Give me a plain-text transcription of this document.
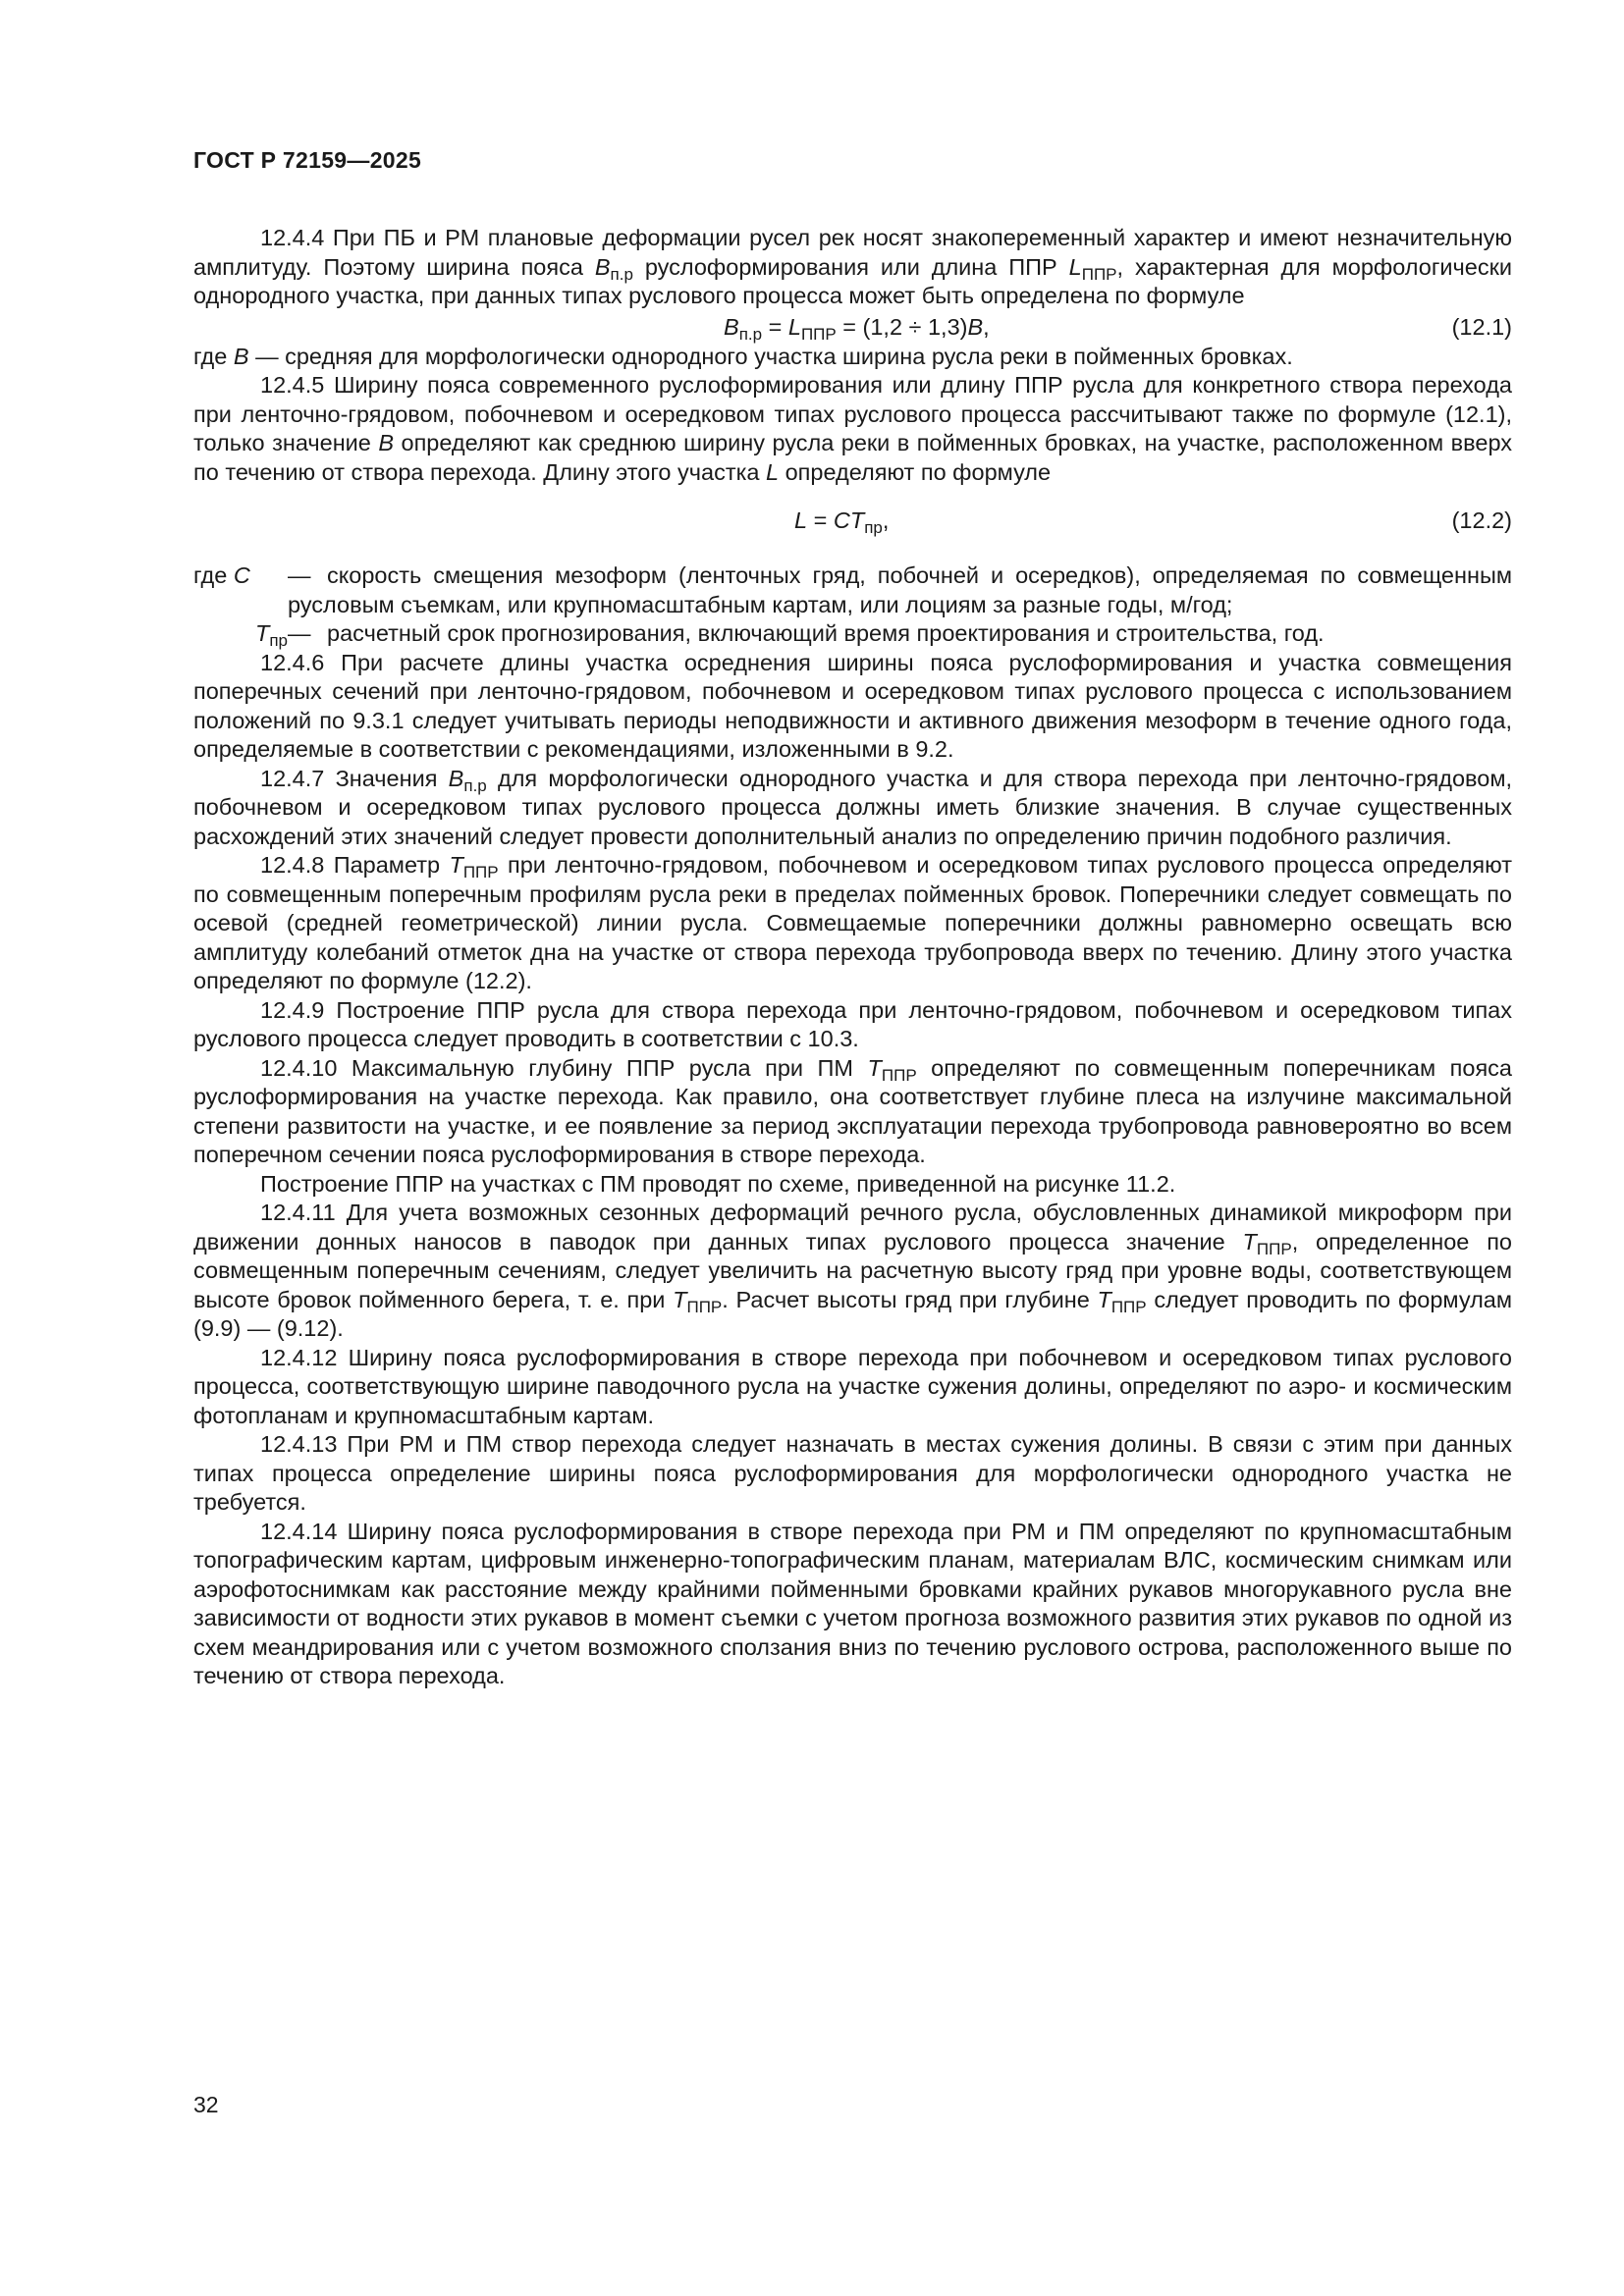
ГОСТ Р 72159—2025

12.4.4 При ПБ и РМ плановые деформации русел рек носят знакопеременный характер и имеют незначительную амплитуду. Поэтому ширина пояса $B_{п.р}$ руслоформирования или длина ППР $L_{ППР}$, характерная для морфологически однородного участка, при данных типах руслового процесса может быть определена по формуле

$B_{п.р} = L_{ППР} = (1,2 \div 1,3)B$,	(12.1)

где B — средняя для морфологически однородного участка ширина русла реки в пойменных бровках.

12.4.5 Ширину пояса современного руслоформирования или длину ППР русла для конкретного створа перехода при ленточно-грядовом, побочневом и осередковом типах руслового процесса рассчитывают также по формуле (12.1), только значение B определяют как среднюю ширину русла реки в пойменных бровках, на участке, расположенном вверх по течению от створа перехода. Длину этого участка L определяют по формуле

$L = CT_{пр}$,	(12.2)
где C	— скорость смещения мезоформ (ленточных гряд, побочней и осередков), определяемая по совмещенным русловым съемкам, или крупномасштабным картам, или лоциям за разные годы, м/год;
$T_{пр}$ — расчетный срок прогнозирования, включающий время проектирования и строительства, год.

12.4.6 При расчете длины участка осреднения ширины пояса руслоформирования и участка совмещения поперечных сечений при ленточно-грядовом, побочневом и осередковом типах руслового процесса с использованием положений по 9.3.1 следует учитывать периоды неподвижности и активного движения мезоформ в течение одного года, определяемые в соответствии с рекомендациями, изложенными в 9.2.

12.4.7 Значения $B_{п.р}$ для морфологически однородного участка и для створа перехода при ленточно-грядовом, побочневом и осередковом типах руслового процесса должны иметь близкие значения. В случае существенных расхождений этих значений следует провести дополнительный анализ по определению причин подобного различия.

12.4.8 Параметр $T_{ППР}$ при ленточно-грядовом, побочневом и осередковом типах руслового процесса определяют по совмещенным поперечным профилям русла реки в пределах пойменных бровок. Поперечники следует совмещать по осевой (средней геометрической) линии русла. Совмещаемые поперечники должны равномерно освещать всю амплитуду колебаний отметок дна на участке от створа перехода трубопровода вверх по течению. Длину этого участка определяют по формуле (12.2).

12.4.9 Построение ППР русла для створа перехода при ленточно-грядовом, побочневом и осередковом типах руслового процесса следует проводить в соответствии с 10.3.

12.4.10 Максимальную глубину ППР русла при ПМ $T_{ППР}$ определяют по совмещенным поперечникам пояса руслоформирования на участке перехода. Как правило, она соответствует глубине плеса на излучине максимальной степени развитости на участке, и ее появление за период эксплуатации перехода трубопровода равновероятно во всем поперечном сечении пояса руслоформирования в створе перехода.

Построение ППР на участках с ПМ проводят по схеме, приведенной на рисунке 11.2.

12.4.11 Для учета возможных сезонных деформаций речного русла, обусловленных динамикой микроформ при движении донных наносов в паводок при данных типах руслового процесса значение $T_{ППР}$, определенное по совмещенным поперечным сечениям, следует увеличить на расчетную высоту гряд при уровне воды, соответствующем высоте бровок пойменного берега, т. е. при $T_{ППР}$. Расчет высоты гряд при глубине $T_{ППР}$ следует проводить по формулам (9.9) — (9.12).

12.4.12 Ширину пояса руслоформирования в створе перехода при побочневом и осередковом типах руслового процесса, соответствующую ширине паводочного русла на участке сужения долины, определяют по аэро- и космическим фотопланам и крупномасштабным картам.

12.4.13 При РМ и ПМ створ перехода следует назначать в местах сужения долины. В связи с этим при данных типах процесса определение ширины пояса руслоформирования для морфологически однородного участка не требуется.

12.4.14 Ширину пояса руслоформирования в створе перехода при РМ и ПМ определяют по крупномасштабным топографическим картам, цифровым инженерно-топографическим планам, материалам ВЛС, космическим снимкам или аэрофотоснимкам как расстояние между крайними пойменными бровками крайних рукавов многорукавного русла вне зависимости от водности этих рукавов в момент съемки с учетом прогноза возможного развития этих рукавов по одной из схем меандрирования или с учетом возможного сползания вниз по течению руслового острова, расположенного выше по течению от створа перехода.

32
